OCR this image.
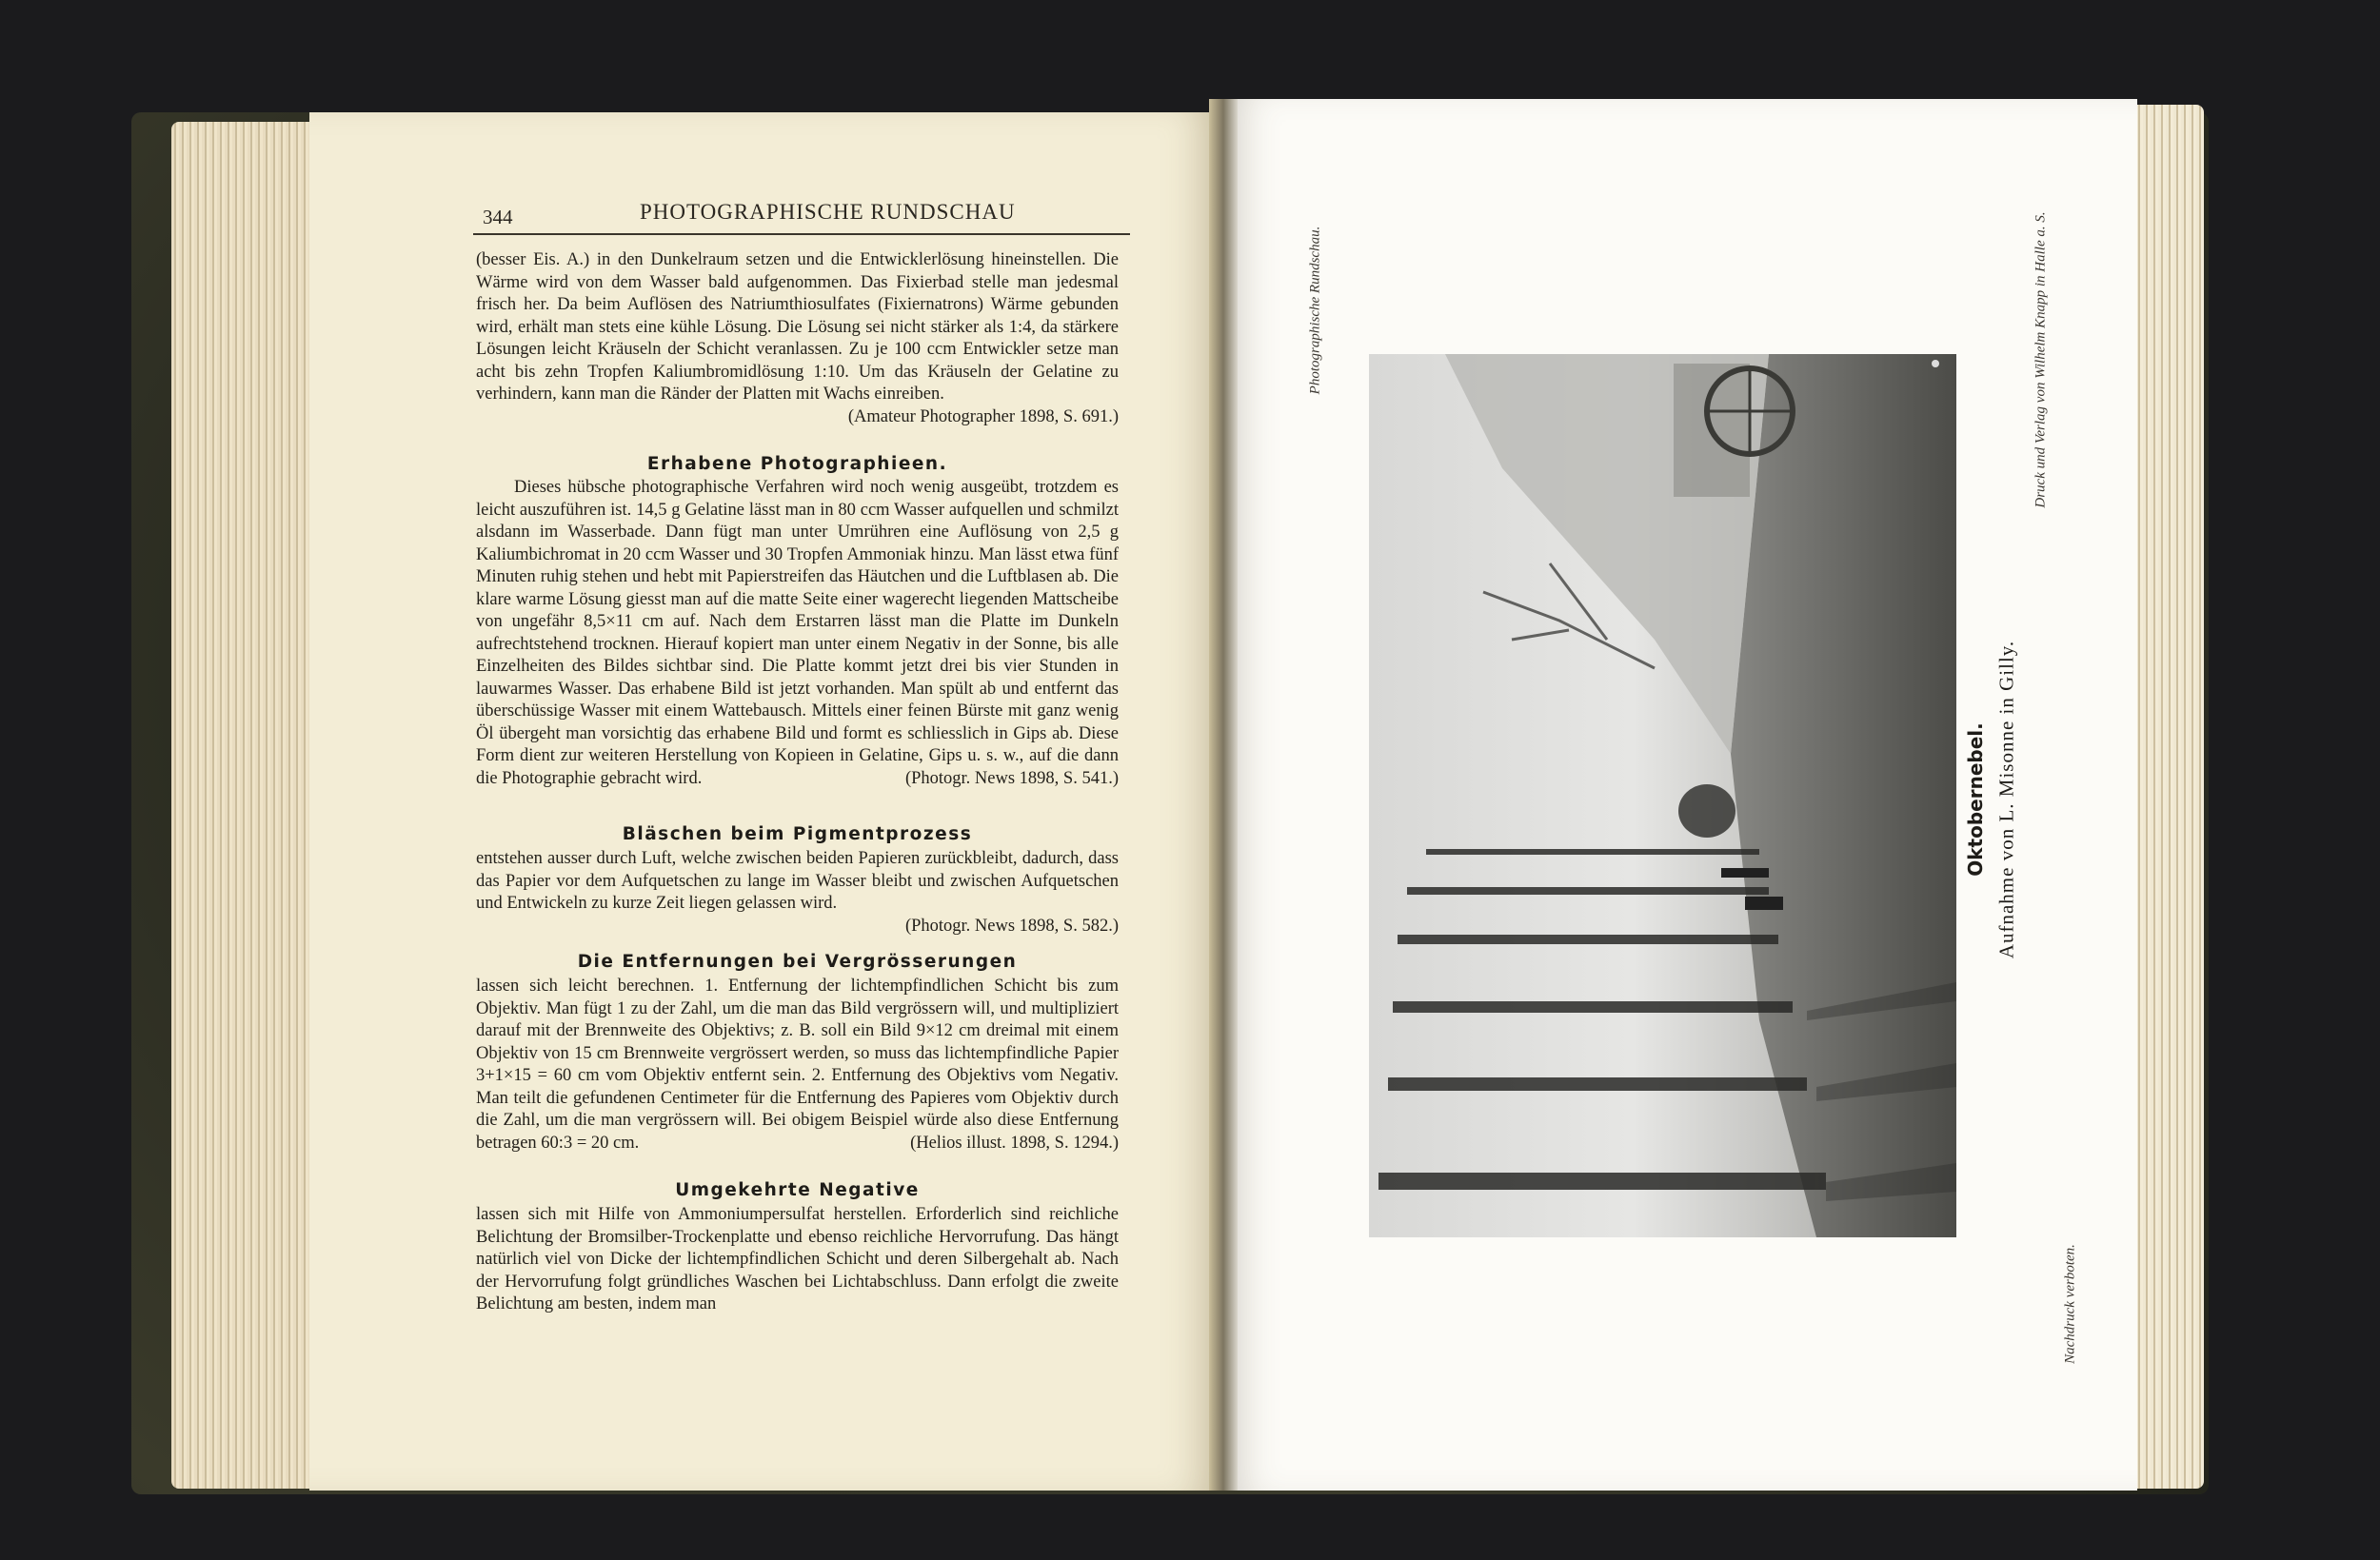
344	PHOTOGRAPHISCHE RUNDSCHAU

(besser Eis. A.) in den Dunkelraum setzen und die Entwicklerlösung hineinstellen. Die Wärme wird von dem Wasser bald aufgenommen. Das Fixierbad stelle man jedesmal frisch her. Da beim Auflösen des Natriumthiosulfates (Fixiernatrons) Wärme gebunden wird, erhält man stets eine kühle Lösung. Die Lösung sei nicht stärker als 1:4, da stärkere Lösungen leicht Kräuseln der Schicht veranlassen. Zu je 100 ccm Entwickler setze man acht bis zehn Tropfen Kaliumbromidlösung 1:10. Um das Kräuseln der Gelatine zu verhindern, kann man die Ränder der Platten mit Wachs einreiben.
(Amateur Photographer 1898, S. 691.)

Erhabene Photographieen.

Dieses hübsche photographische Verfahren wird noch wenig ausgeübt, trotzdem es leicht auszuführen ist. 14,5 g Gelatine lässt man in 80 ccm Wasser aufquellen und schmilzt alsdann im Wasserbade. Dann fügt man unter Umrühren eine Auflösung von 2,5 g Kaliumbichromat in 20 ccm Wasser und 30 Tropfen Ammoniak hinzu. Man lässt etwa fünf Minuten ruhig stehen und hebt mit Papierstreifen das Häutchen und die Luftblasen ab. Die klare warme Lösung giesst man auf die matte Seite einer wagerecht liegenden Mattscheibe von ungefähr 8,5×11 cm auf. Nach dem Erstarren lässt man die Platte im Dunkeln aufrechtstehend trocknen. Hierauf kopiert man unter einem Negativ in der Sonne, bis alle Einzelheiten des Bildes sichtbar sind. Die Platte kommt jetzt drei bis vier Stunden in lauwarmes Wasser. Das erhabene Bild ist jetzt vorhanden. Man spült ab und entfernt das überschüssige Wasser mit einem Wattebausch. Mittels einer feinen Bürste mit ganz wenig Öl übergeht man vorsichtig das erhabene Bild und formt es schliesslich in Gips ab. Diese Form dient zur weiteren Herstellung von Kopieen in Gelatine, Gips u. s. w., auf die dann die Photographie gebracht wird.	(Photogr. News 1898, S. 541.)

Bläschen beim Pigmentprozess

entstehen ausser durch Luft, welche zwischen beiden Papieren zurückbleibt, dadurch, dass das Papier vor dem Aufquetschen zu lange im Wasser bleibt und zwischen Aufquetschen und Entwickeln zu kurze Zeit liegen gelassen wird.
(Photogr. News 1898, S. 582.)

Die Entfernungen bei Vergrösserungen

lassen sich leicht berechnen. 1. Entfernung der lichtempfindlichen Schicht bis zum Objektiv. Man fügt 1 zu der Zahl, um die man das Bild vergrössern will, und multipliziert darauf mit der Brennweite des Objektivs; z. B. soll ein Bild 9×12 cm dreimal mit einem Objektiv von 15 cm Brennweite vergrössert werden, so muss das lichtempfindliche Papier 3+1×15 = 60 cm vom Objektiv entfernt sein. 2. Entfernung des Objektivs vom Negativ. Man teilt die gefundenen Centimeter für die Entfernung des Papieres vom Objektiv durch die Zahl, um die man vergrössern will. Bei obigem Beispiel würde also diese Entfernung betragen 60:3 = 20 cm.	(Helios illust. 1898, S. 1294.)

Umgekehrte Negative

lassen sich mit Hilfe von Ammoniumpersulfat herstellen. Erforderlich sind reichliche Belichtung der Bromsilber-Trockenplatte und ebenso reichliche Hervorrufung. Das hängt natürlich viel von Dicke der lichtempfindlichen Schicht und deren Silbergehalt ab. Nach der Hervorrufung folgt gründliches Waschen bei Lichtabschluss. Dann erfolgt die zweite Belichtung am besten, indem man

Photographische Rundschau.
Oktobernebel. Aufnahme von L. Misonne in Gilly.
Druck und Verlag von Wilhelm Knapp in Halle a. S.
Nachdruck verboten.
